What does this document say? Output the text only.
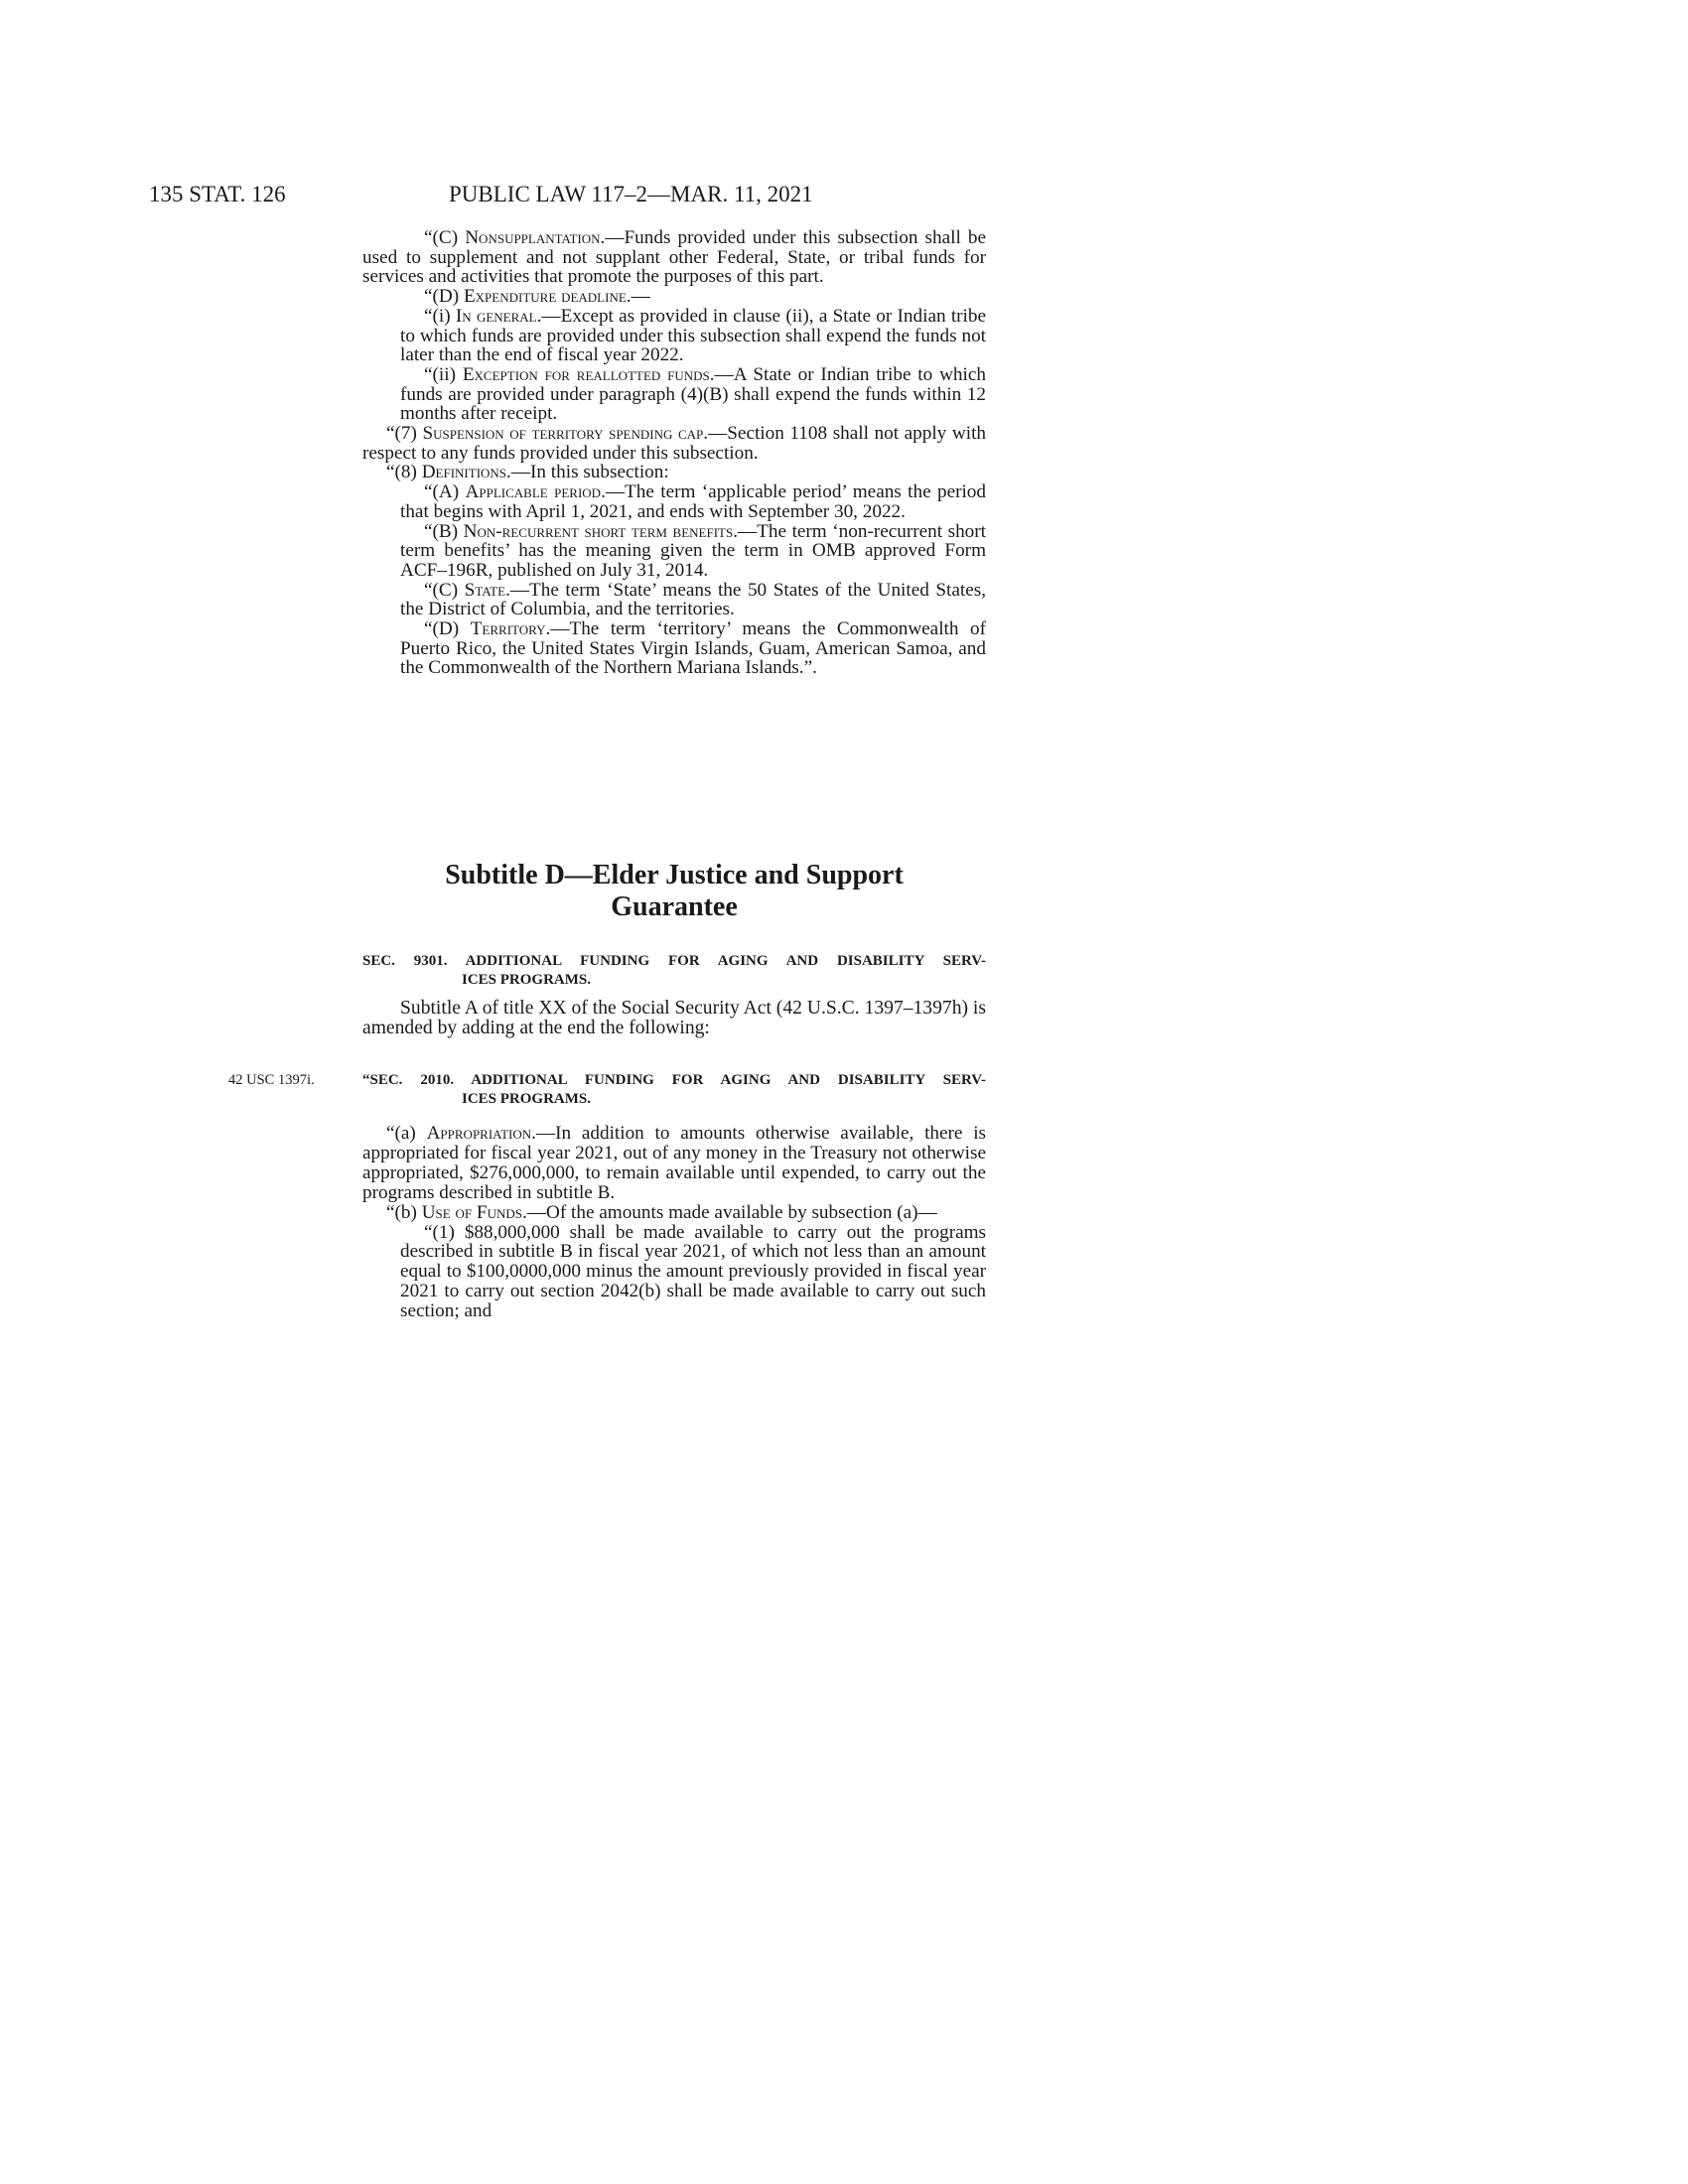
135 STAT. 126	PUBLIC LAW 117–2—MAR. 11, 2021

“(C) Nonsupplantation.—Funds provided under this subsection shall be used to supplement and not supplant other Federal, State, or tribal funds for services and activities that promote the purposes of this part.

“(D) Expenditure deadline.—

“(i) In general.—Except as provided in clause (ii), a State or Indian tribe to which funds are provided under this subsection shall expend the funds not later than the end of fiscal year 2022.

“(ii) Exception for reallotted funds.—A State or Indian tribe to which funds are provided under paragraph (4)(B) shall expend the funds within 12 months after receipt.

“(7) Suspension of territory spending cap.—Section 1108 shall not apply with respect to any funds provided under this subsection.

“(8) Definitions.—In this subsection:

“(A) Applicable period.—The term ‘applicable period’ means the period that begins with April 1, 2021, and ends with September 30, 2022.

“(B) Non-recurrent short term benefits.—The term ‘non-recurrent short term benefits’ has the meaning given the term in OMB approved Form ACF–196R, published on July 31, 2014.

“(C) State.—The term ‘State’ means the 50 States of the United States, the District of Columbia, and the territories.

“(D) Territory.—The term ‘territory’ means the Commonwealth of Puerto Rico, the United States Virgin Islands, Guam, American Samoa, and the Commonwealth of the Northern Mariana Islands.”.

Subtitle D—Elder Justice and Support
Guarantee
SEC. 9301. ADDITIONAL FUNDING FOR AGING AND DISABILITY SERV-
ICES PROGRAMS.

Subtitle A of title XX of the Social Security Act (42 U.S.C. 1397–1397h) is amended by adding at the end the following:

42 USC 1397i.	“SEC. 2010. ADDITIONAL FUNDING FOR AGING AND DISABILITY SERV-
ICES PROGRAMS.

“(a) Appropriation.—In addition to amounts otherwise available, there is appropriated for fiscal year 2021, out of any money in the Treasury not otherwise appropriated, $276,000,000, to remain available until expended, to carry out the programs described in subtitle B.

“(b) Use of Funds.—Of the amounts made available by subsection (a)—

“(1) $88,000,000 shall be made available to carry out the programs described in subtitle B in fiscal year 2021, of which not less than an amount equal to $100,0000,000 minus the amount previously provided in fiscal year 2021 to carry out section 2042(b) shall be made available to carry out such section; and
